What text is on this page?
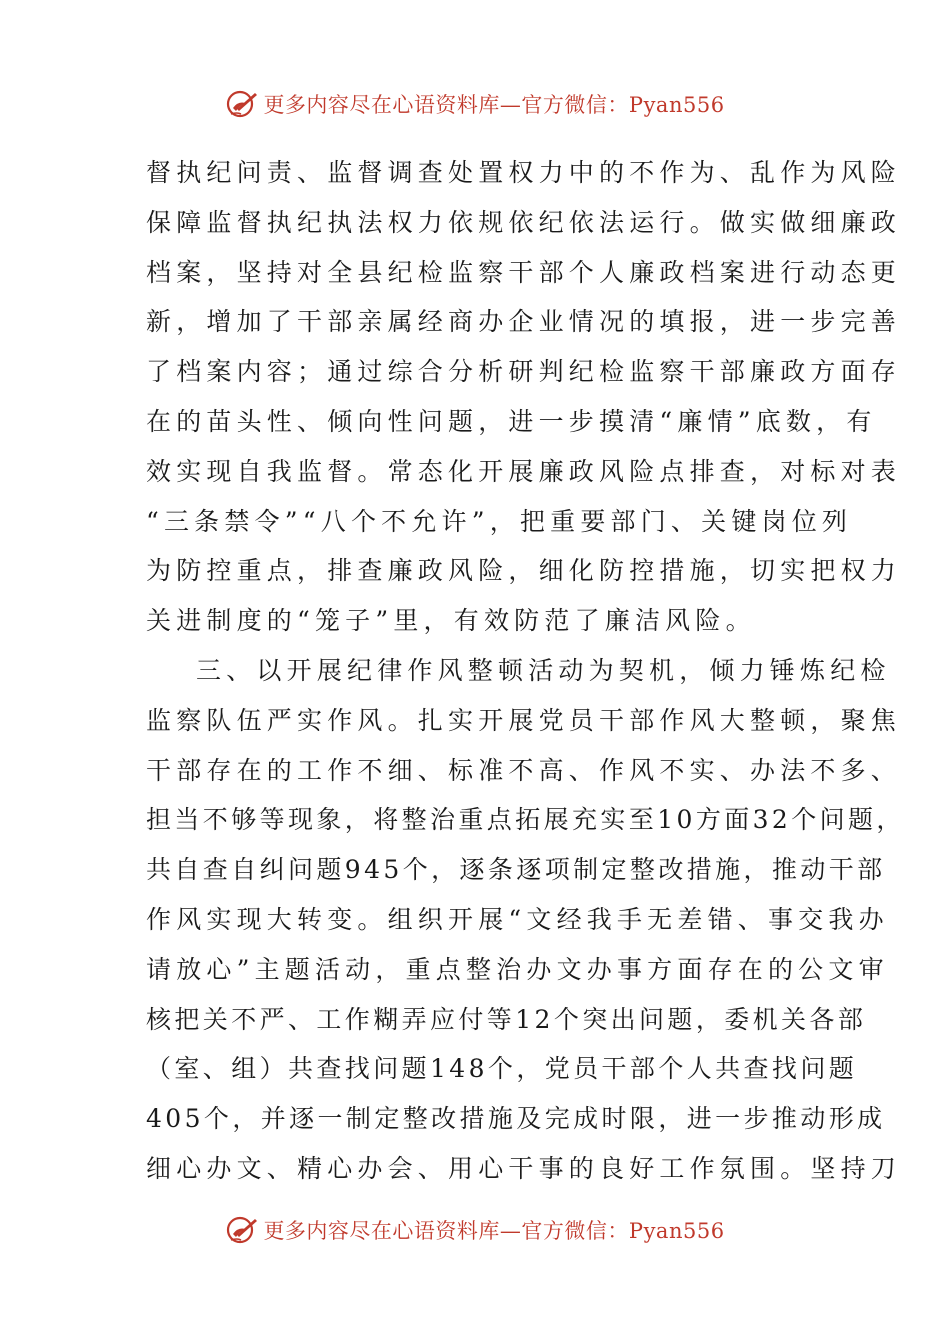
更多内容尽在心语资料库—官方微信：Pyan556
督执纪问责、监督调查处置权力中的不作为、乱作为风险
保障监督执纪执法权力依规依纪依法运行。做实做细廉政
档案，坚持对全县纪检监察干部个人廉政档案进行动态更
新，增加了干部亲属经商办企业情况的填报，进一步完善
了档案内容；通过综合分析研判纪检监察干部廉政方面存
在的苗头性、倾向性问题，进一步摸清“廉情”底数，有
效实现自我监督。常态化开展廉政风险点排查，对标对表
“三条禁令”“八个不允许”，把重要部门、关键岗位列
为防控重点，排查廉政风险，细化防控措施，切实把权力
关进制度的“笼子”里，有效防范了廉洁风险。
三、以开展纪律作风整顿活动为契机，倾力锤炼纪检
监察队伍严实作风。扎实开展党员干部作风大整顿，聚焦
干部存在的工作不细、标准不高、作风不实、办法不多、
担当不够等现象，将整治重点拓展充实至10方面32个问题，
共自查自纠问题945个，逐条逐项制定整改措施，推动干部
作风实现大转变。组织开展“文经我手无差错、事交我办
请放心”主题活动，重点整治办文办事方面存在的公文审
核把关不严、工作糊弄应付等12个突出问题，委机关各部
（室、组）共查找问题148个，党员干部个人共查找问题
405个，并逐一制定整改措施及完成时限，进一步推动形成
细心办文、精心办会、用心干事的良好工作氛围。坚持刀
更多内容尽在心语资料库—官方微信：Pyan556
